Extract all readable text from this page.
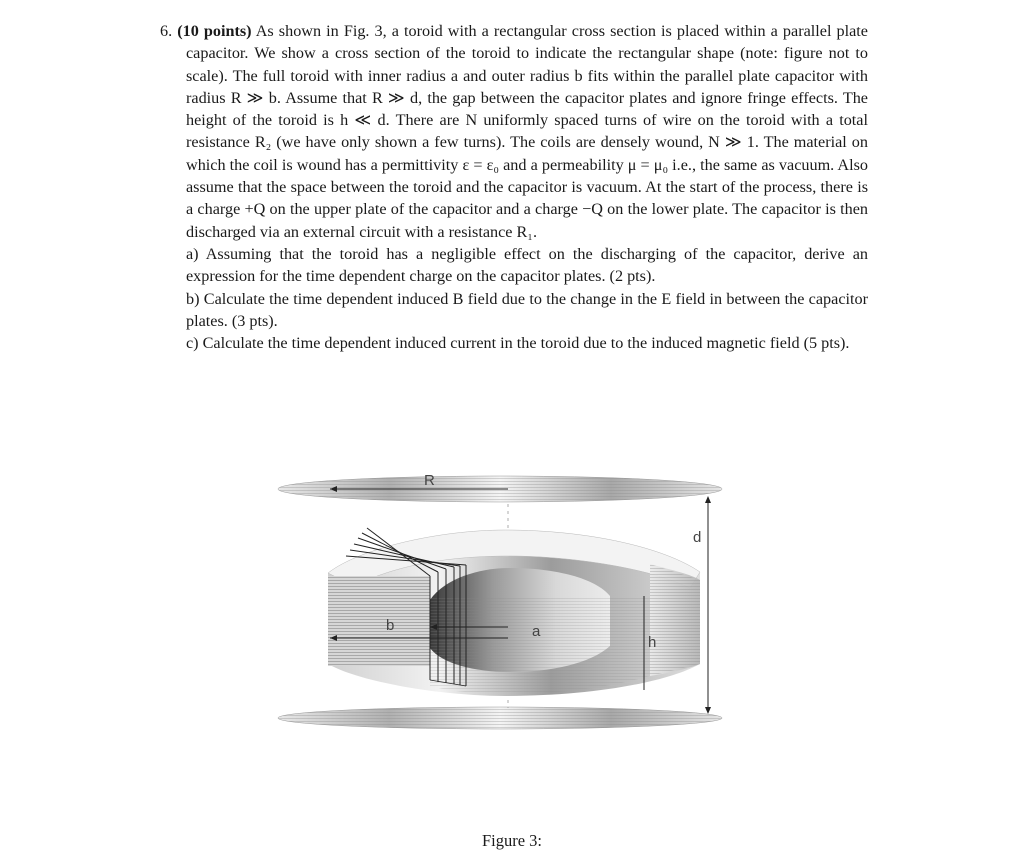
6. (10 points) As shown in Fig. 3, a toroid with a rectangular cross section is placed within a parallel plate capacitor. We show a cross section of the toroid to indicate the rectangular shape (note: figure not to scale). The full toroid with inner radius a and outer radius b fits within the parallel plate capacitor with radius R ≫ b. Assume that R ≫ d, the gap between the capacitor plates and ignore fringe effects. The height of the toroid is h ≪ d. There are N uniformly spaced turns of wire on the toroid with a total resistance R₂ (we have only shown a few turns). The coils are densely wound, N ≫ 1. The material on which the coil is wound has a permittivity ε = ε₀ and a permeability μ = μ₀ i.e., the same as vacuum. Also assume that the space between the toroid and the capacitor is vacuum. At the start of the process, there is a charge +Q on the upper plate of the capacitor and a charge −Q on the lower plate. The capacitor is then discharged via an external circuit with a resistance R₁.

a) Assuming that the toroid has a negligible effect on the discharging of the capacitor, derive an expression for the time dependent charge on the capacitor plates. (2 pts).

b) Calculate the time dependent induced B field due to the change in the E field in between the capacitor plates. (3 pts).

c) Calculate the time dependent induced current in the toroid due to the induced magnetic field (5 pts).

R
d
b	a
h
Figure 3:
